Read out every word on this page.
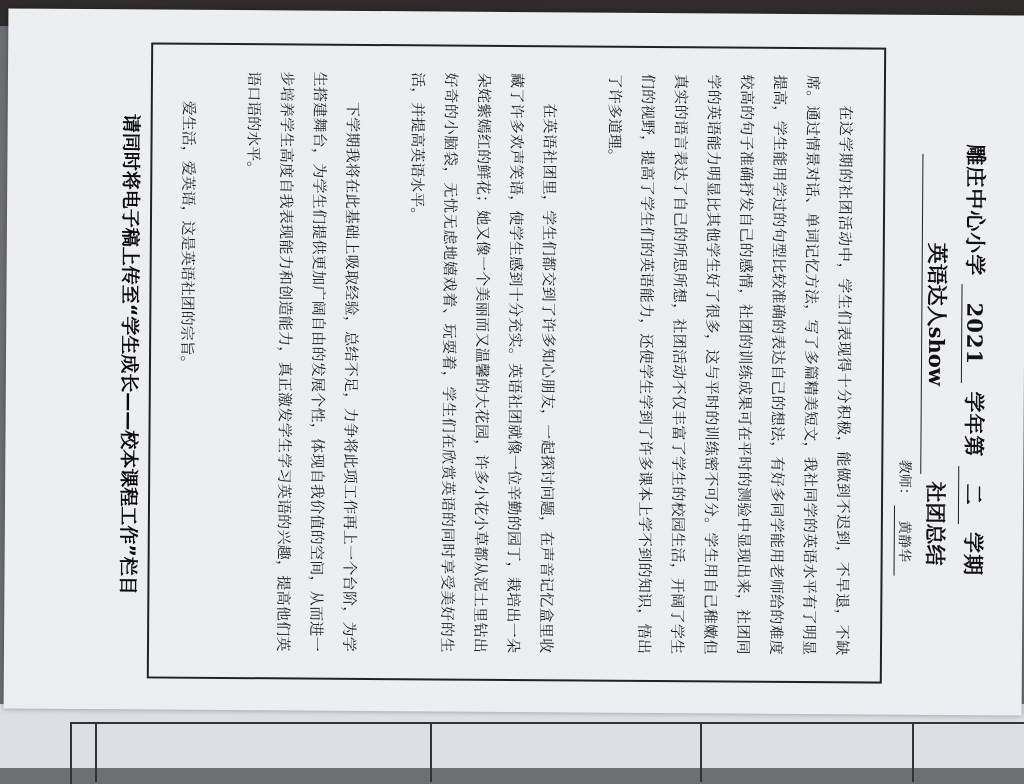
雕庄中心小学 2021 学年第 二 学期
英语达人show 社团总结
教师： 黄静华

在这学期的社团活动中，学生们表现得十分积极，能做到不迟到，不早退，不缺席。通过情景对话、单词记忆方法，写了多篇精美短文，我社同学的英语水平有了明显提高，学生能用学过的句型比较准确的表达自己的想法，有好多同学能用老师给的难度较高的句子准确抒发自己的感情，社团的训练成果可在平时的测验中显现出来，社团同学的英语能力明显比其他学生好了很多，这与平时的训练密不可分。学生用自己稚嫩但真实的语言表达了自己的所思所想，社团活动不仅丰富了学生的校园生活，开阔了学生们的视野，提高了学生们的英语能力，还使学生学到了许多课本上学不到的知识，悟出了许多道理。

在英语社团里，学生们都交到了许多知心朋友，一起探讨问题，在声音记忆盒里收藏了许多欢声笑语，使学生感到十分充实。英语社团就像一位辛勤的园丁，栽培出一朵朵姹紫嫣红的鲜花；她又像一个美丽而又温馨的大花园，许多小花小草都从泥土里钻出好奇的小脑袋，无忧无虑地嬉戏着、玩耍着，学生们在欣赏英语的同时享受美好的生活，并提高英语水平。

下学期我将在此基础上吸取经验，总结不足，力争将此项工作再上一个台阶，为学生搭建舞台，为学生们提供更加广阔自由的发展个性，体现自我价值的空间，从而进一步培养学生高度自我表现能力和创造能力，真正激发学生学习英语的兴趣，提高他们英语口语的水平。

爱生活，爱英语，这是英语社团的宗旨。

请同时将电子稿上传至“学生成长——校本课程工作”栏目
